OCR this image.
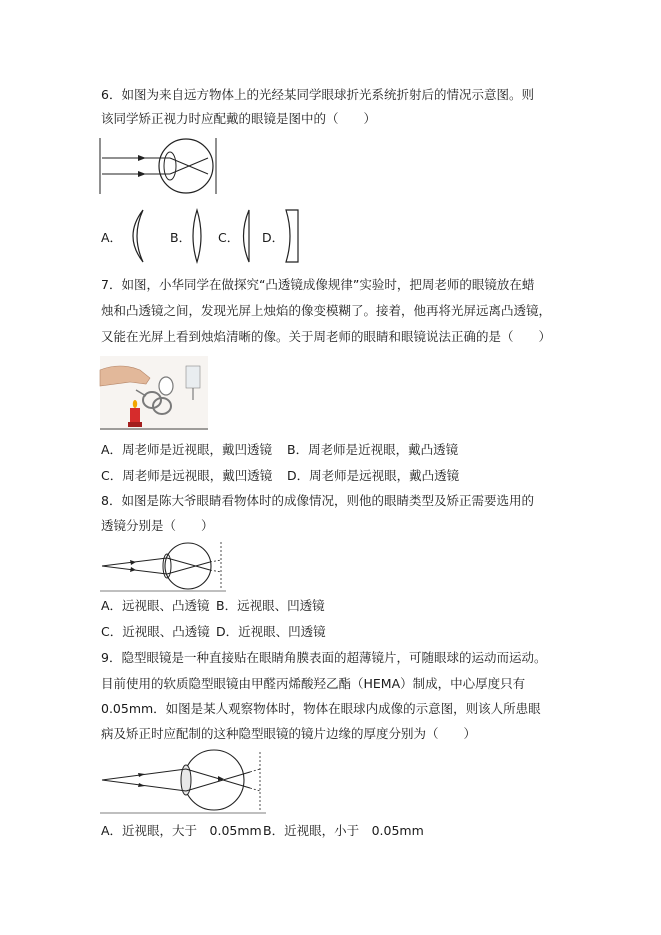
6．如图为来自远方物体上的光经某同学眼球折光系统折射后的情况示意图。则
该同学矫正视力时应配戴的眼镜是图中的（　　）
A．	B． C． D．
7．如图，小华同学在做探究“凸透镜成像规律”实验时，把周老师的眼镜放在蜡
烛和凸透镜之间，发现光屏上烛焰的像变模糊了。接着，他再将光屏远离凸透镜，
又能在光屏上看到烛焰清晰的像。关于周老师的眼睛和眼镜说法正确的是（　　）
A．周老师是近视眼，戴凹透镜 B．周老师是近视眼，戴凸透镜
C．周老师是远视眼，戴凹透镜 D．周老师是远视眼，戴凸透镜
8．如图是陈大爷眼睛看物体时的成像情况，则他的眼睛类型及矫正需要选用的
透镜分别是（　　）
A．远视眼、凸透镜 B．远视眼、凹透镜
C．近视眼、凸透镜 D．近视眼、凹透镜
9．隐型眼镜是一种直接贴在眼睛角膜表面的超薄镜片，可随眼球的运动而运动。
目前使用的软质隐型眼镜由甲醛丙烯酸羟乙酯（HEMA）制成，中心厚度只有
0.05mm．如图是某人观察物体时，物体在眼球内成像的示意图，则该人所患眼
病及矫正时应配制的这种隐型眼镜的镜片边缘的厚度分别为（　　）
A．近视眼，大于　0.05mm B．近视眼，小于　0.05mm
